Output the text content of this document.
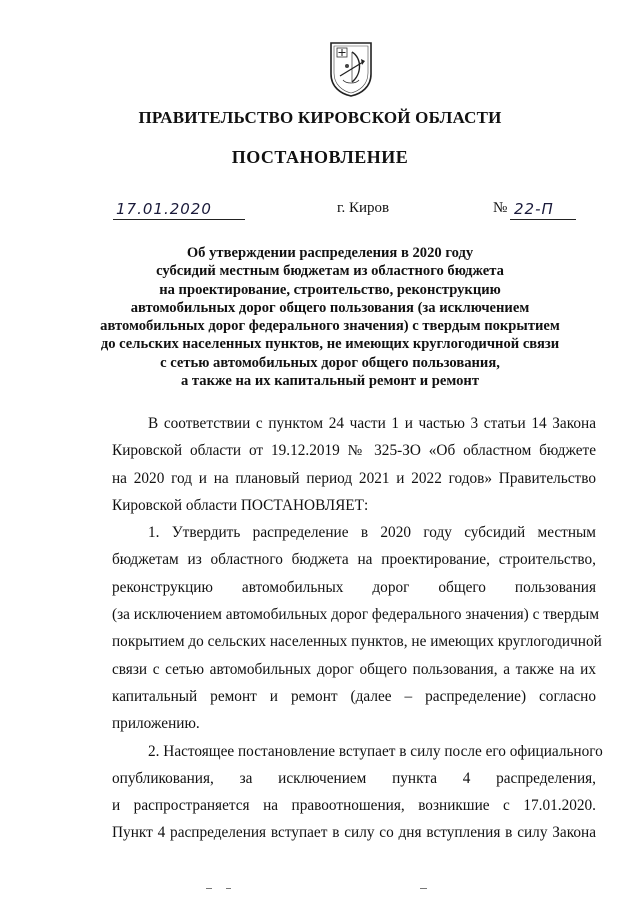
ПРАВИТЕЛЬСТВО КИРОВСКОЙ ОБЛАСТИ
ПОСТАНОВЛЕНИЕ
17.01.2020	г. Киров	№ 22-П
Об утверждении распределения в 2020 году
субсидий местным бюджетам из областного бюджета
на проектирование, строительство, реконструкцию
автомобильных дорог общего пользования (за исключением
автомобильных дорог федерального значения) с твердым покрытием
до сельских населенных пунктов, не имеющих круглогодичной связи
с сетью автомобильных дорог общего пользования,
а также на их капитальный ремонт и ремонт
В соответствии с пунктом 24 части 1 и частью 3 статьи 14 Закона
Кировской области от 19.12.2019 № 325-ЗО «Об областном бюджете
на 2020 год и на плановый период 2021 и 2022 годов» Правительство
Кировской области ПОСТАНОВЛЯЕТ:
1. Утвердить распределение в 2020 году субсидий местным
бюджетам из областного бюджета на проектирование, строительство,
реконструкцию автомобильных дорог общего пользования
(за исключением автомобильных дорог федерального значения) с твердым
покрытием до сельских населенных пунктов, не имеющих круглогодичной
связи с сетью автомобильных дорог общего пользования, а также на их
капитальный ремонт и ремонт (далее – распределение) согласно
приложению.
2. Настоящее постановление вступает в силу после его официального
опубликования, за исключением пункта 4 распределения,
и распространяется на правоотношения, возникшие с 17.01.2020.
Пункт 4 распределения вступает в силу со дня вступления в силу Закона
